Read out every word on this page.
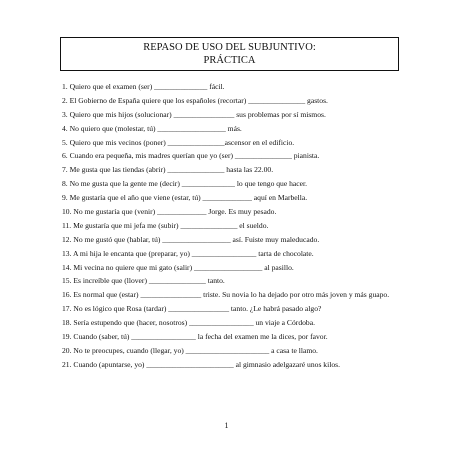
REPASO DE USO DEL SUBJUNTIVO:
PRÁCTICA
1. Quiero que el examen (ser) ______________ fácil.
2. El Gobierno de España quiere que los españoles (recortar) _______________ gastos.
3. Quiero que mis hijos (solucionar) ________________ sus problemas por sí mismos.
4. No quiero que (molestar, tú) __________________ más.
5. Quiero que mis vecinos (poner) _______________ascensor en el edificio.
6. Cuando era pequeña, mis madres querían que yo (ser) _______________ pianista.
7. Me gusta que las tiendas (abrir) _______________ hasta las 22.00.
8. No me gusta que la gente me (decir) ______________ lo que tengo que hacer.
9. Me gustaría que el año que viene (estar, tú) _____________ aquí en Marbella.
10. No me gustaría que (venir) _____________ Jorge. Es muy pesado.
11. Me gustaría que mi jefa me (subir) _______________ el sueldo.
12. No me gustó que (hablar, tú) __________________ así. Fuiste muy maleducado.
13. A mi hija le encanta que (preparar, yo) _________________ tarta de chocolate.
14. Mi vecina no quiere que mi gato (salir) __________________ al pasillo.
15. Es increíble que (llover) _______________ tanto.
16. Es normal que (estar) ________________ triste. Su novia lo ha dejado por otro más joven y más guapo.
17. No es lógico que Rosa (tardar) ________________ tanto. ¿Le habrá pasado algo?
18. Sería estupendo que (hacer, nosotros) _________________ un viaje a Córdoba.
19. Cuando (saber, tú) _________________ la fecha del examen me la dices, por favor.
20. No te preocupes, cuando (llegar, yo) ______________________ a casa te llamo.
21. Cuando (apuntarse, yo) _______________________ al gimnasio adelgazaré unos kilos.
1
